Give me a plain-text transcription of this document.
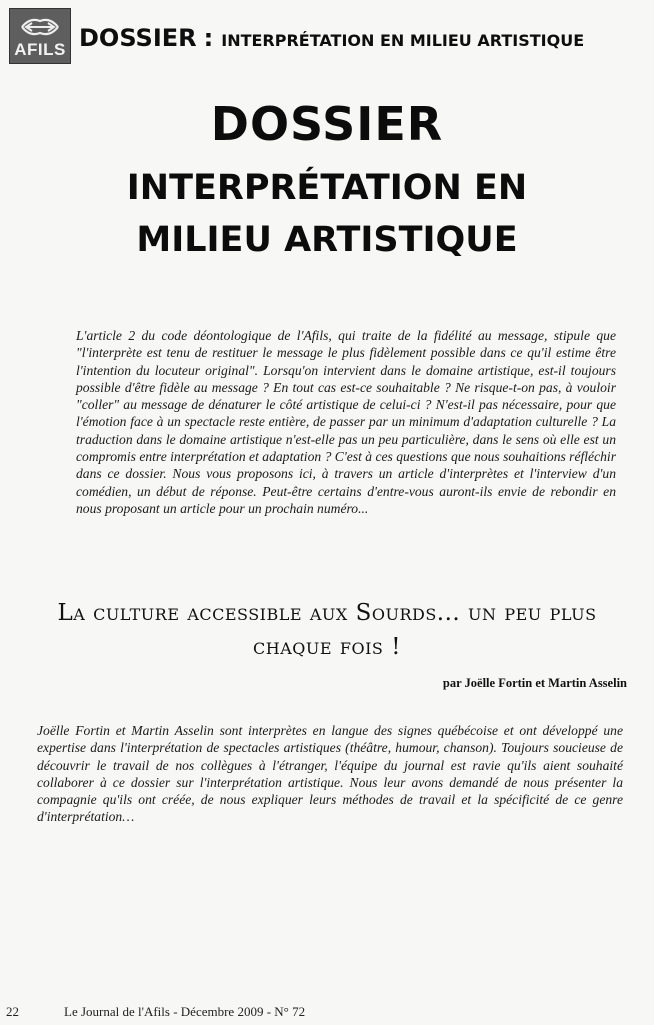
AFILS DOSSIER : INTERPRÉTATION EN MILIEU ARTISTIQUE
DOSSIER
INTERPRÉTATION EN
MILIEU ARTISTIQUE

L'article 2 du code déontologique de l'Afils, qui traite de la fidélité au message, stipule que "l'interprète est tenu de restituer le message le plus fidèlement possible dans ce qu'il estime être l'intention du locuteur original". Lorsqu'on intervient dans le domaine artistique, est-il toujours possible d'être fidèle au message ? En tout cas est-ce souhaitable ? Ne risque-t-on pas, à vouloir "coller" au message de dénaturer le côté artistique de celui-ci ? N'est-il pas nécessaire, pour que l'émotion face à un spectacle reste entière, de passer par un minimum d'adaptation culturelle ? La traduction dans le domaine artistique n'est-elle pas un peu particulière, dans le sens où elle est un compromis entre interprétation et adaptation ? C'est à ces questions que nous souhaitions réfléchir dans ce dossier. Nous vous proposons ici, à travers un article d'interprètes et l'interview d'un comédien, un début de réponse. Peut-être certains d'entre-vous auront-ils envie de rebondir en nous proposant un article pour un prochain numéro...

La culture accessible aux Sourds... un peu plus
chaque fois !
par Joëlle Fortin et Martin Asselin

Joëlle Fortin et Martin Asselin sont interprètes en langue des signes québécoise et ont développé une expertise dans l'interprétation de spectacles artistiques (théâtre, humour, chanson). Toujours soucieuse de découvrir le travail de nos collègues à l'étranger, l'équipe du journal est ravie qu'ils aient souhaité collaborer à ce dossier sur l'interprétation artistique. Nous leur avons demandé de nous présenter la compagnie qu'ils ont créée, de nous expliquer leurs méthodes de travail et la spécificité de ce genre d'interprétation…

22	Le Journal de l'Afils - Décembre 2009 - N° 72
